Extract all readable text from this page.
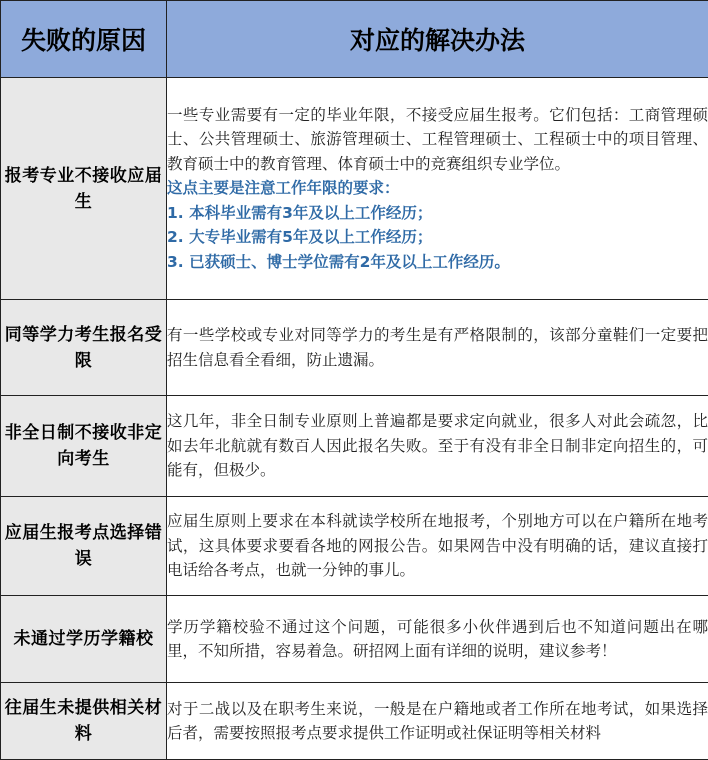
失败的原因	对应的解决办法
报考专业不接收应届生	一些专业需要有一定的毕业年限，不接受应届生报考。它们包括：工商管理硕士、公共管理硕士、旅游管理硕士、工程管理硕士、工程硕士中的项目管理、教育硕士中的教育管理、体育硕士中的竞赛组织专业学位。
这点主要是注意工作年限的要求：
1. 本科毕业需有3年及以上工作经历；
2. 大专毕业需有5年及以上工作经历；
3. 已获硕士、博士学位需有2年及以上工作经历。

同等学力考生报名受限	有一些学校或专业对同等学力的考生是有严格限制的，该部分童鞋们一定要把招生信息看全看细，防止遗漏。
非全日制不接收非定向考生	这几年，非全日制专业原则上普遍都是要求定向就业，很多人对此会疏忽，比如去年北航就有数百人因此报名失败。至于有没有非全日制非定向招生的，可能有，但极少。
应届生报考点选择错误	应届生原则上要求在本科就读学校所在地报考，个别地方可以在户籍所在地考试，这具体要求要看各地的网报公告。如果网告中没有明确的话，建议直接打电话给各考点，也就一分钟的事儿。
未通过学历学籍校	学历学籍校验不通过这个问题，可能很多小伙伴遇到后也不知道问题出在哪里，不知所措，容易着急。研招网上面有详细的说明，建议参考！
往届生未提供相关材料	对于二战以及在职考生来说，一般是在户籍地或者工作所在地考试，如果选择后者，需要按照报考点要求提供工作证明或社保证明等相关材料
